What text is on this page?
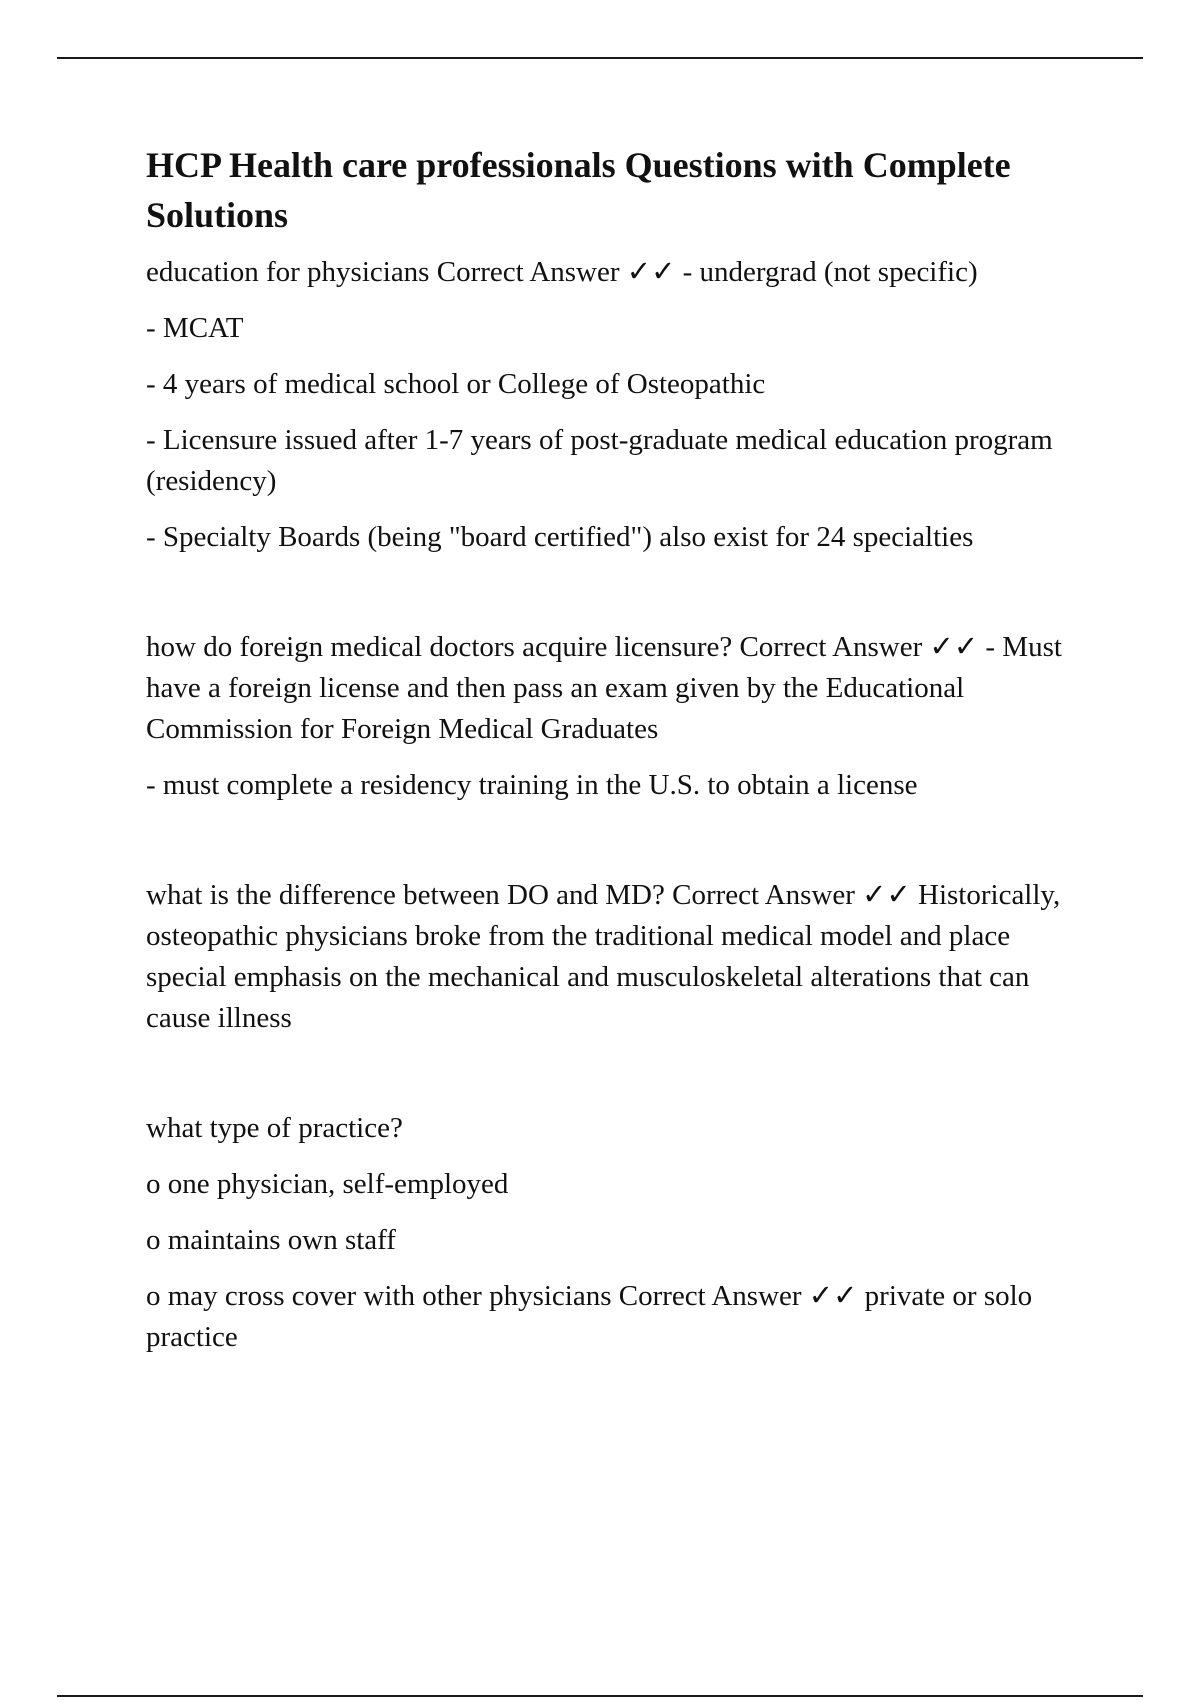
HCP Health care professionals Questions with Complete Solutions

education for physicians Correct Answer ✓✓ - undergrad (not specific)

- MCAT

- 4 years of medical school or College of Osteopathic

- Licensure issued after 1-7 years of post-graduate medical education program (residency)

- Specialty Boards (being "board certified") also exist for 24 specialties

how do foreign medical doctors acquire licensure? Correct Answer ✓✓ - Must have a foreign license and then pass an exam given by the Educational Commission for Foreign Medical Graduates

- must complete a residency training in the U.S. to obtain a license

what is the difference between DO and MD? Correct Answer ✓✓ Historically, osteopathic physicians broke from the traditional medical model and place special emphasis on the mechanical and musculoskeletal alterations that can cause illness

what type of practice?

o one physician, self-employed

o maintains own staff

o may cross cover with other physicians Correct Answer ✓✓ private or solo practice
